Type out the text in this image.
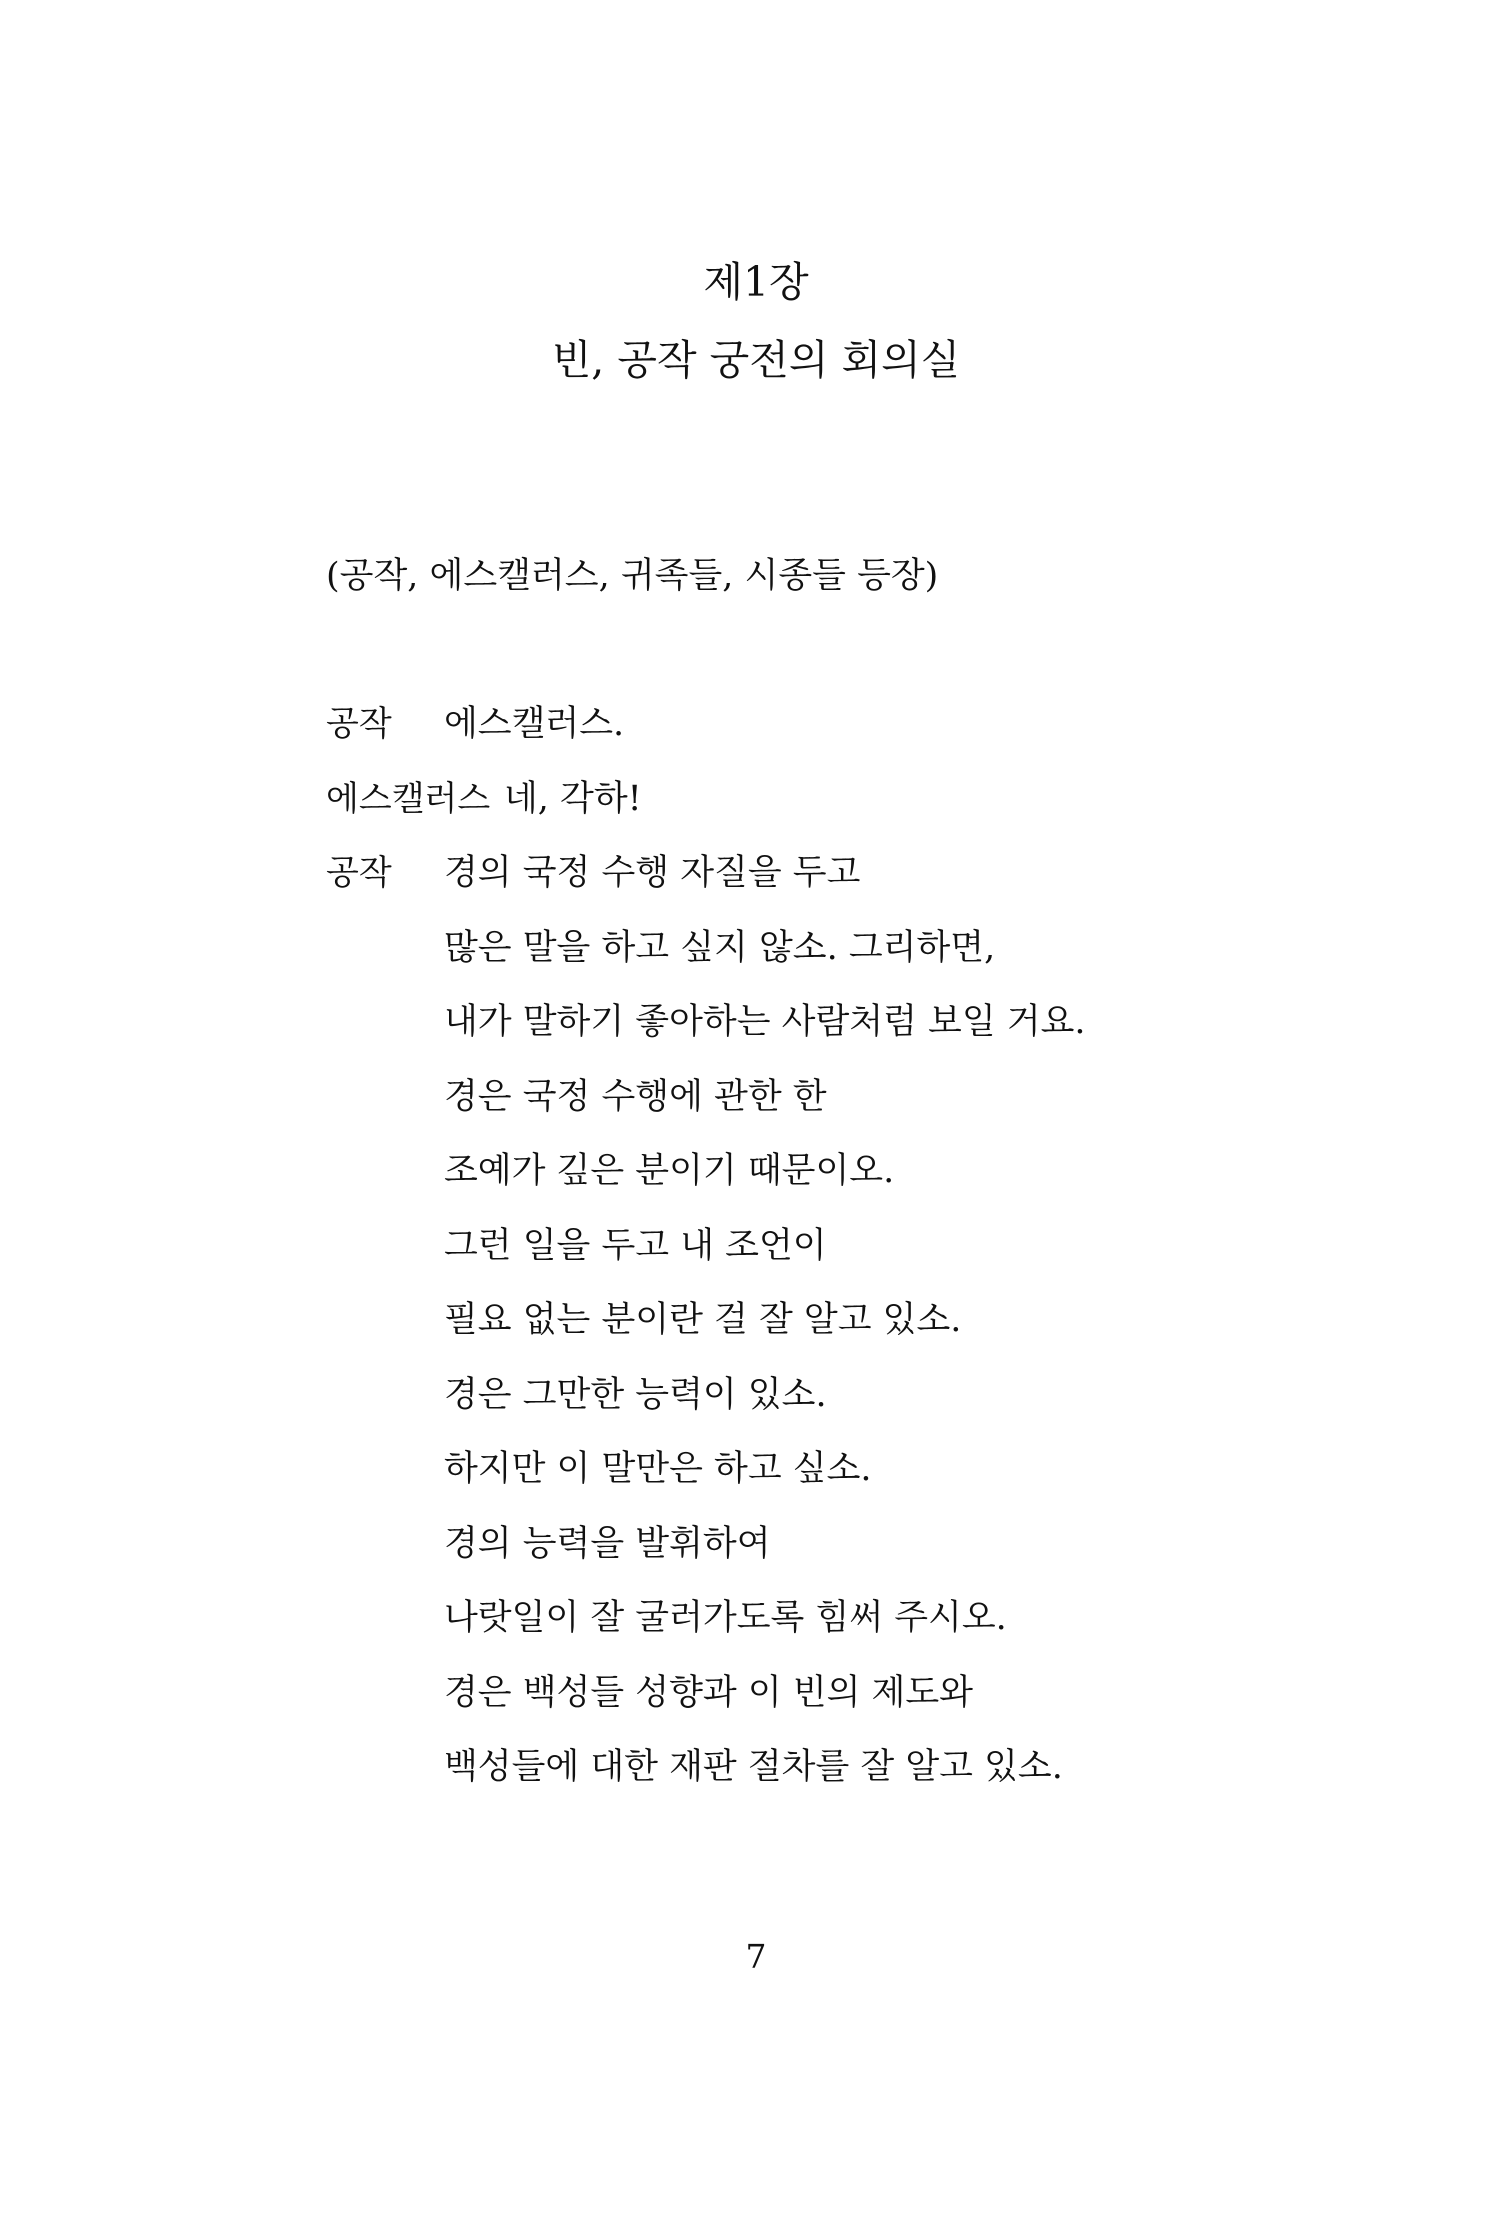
제1장
빈, 공작 궁전의 회의실
(공작, 에스캘러스, 귀족들, 시종들 등장)
공작 에스캘러스.
에스캘러스 네, 각하!
공작 경의 국정 수행 자질을 두고
많은 말을 하고 싶지 않소. 그리하면,
내가 말하기 좋아하는 사람처럼 보일 거요.
경은 국정 수행에 관한 한
조예가 깊은 분이기 때문이오.
그런 일을 두고 내 조언이
필요 없는 분이란 걸 잘 알고 있소.
경은 그만한 능력이 있소.
하지만 이 말만은 하고 싶소.
경의 능력을 발휘하여
나랏일이 잘 굴러가도록 힘써 주시오.
경은 백성들 성향과 이 빈의 제도와
백성들에 대한 재판 절차를 잘 알고 있소.
7
